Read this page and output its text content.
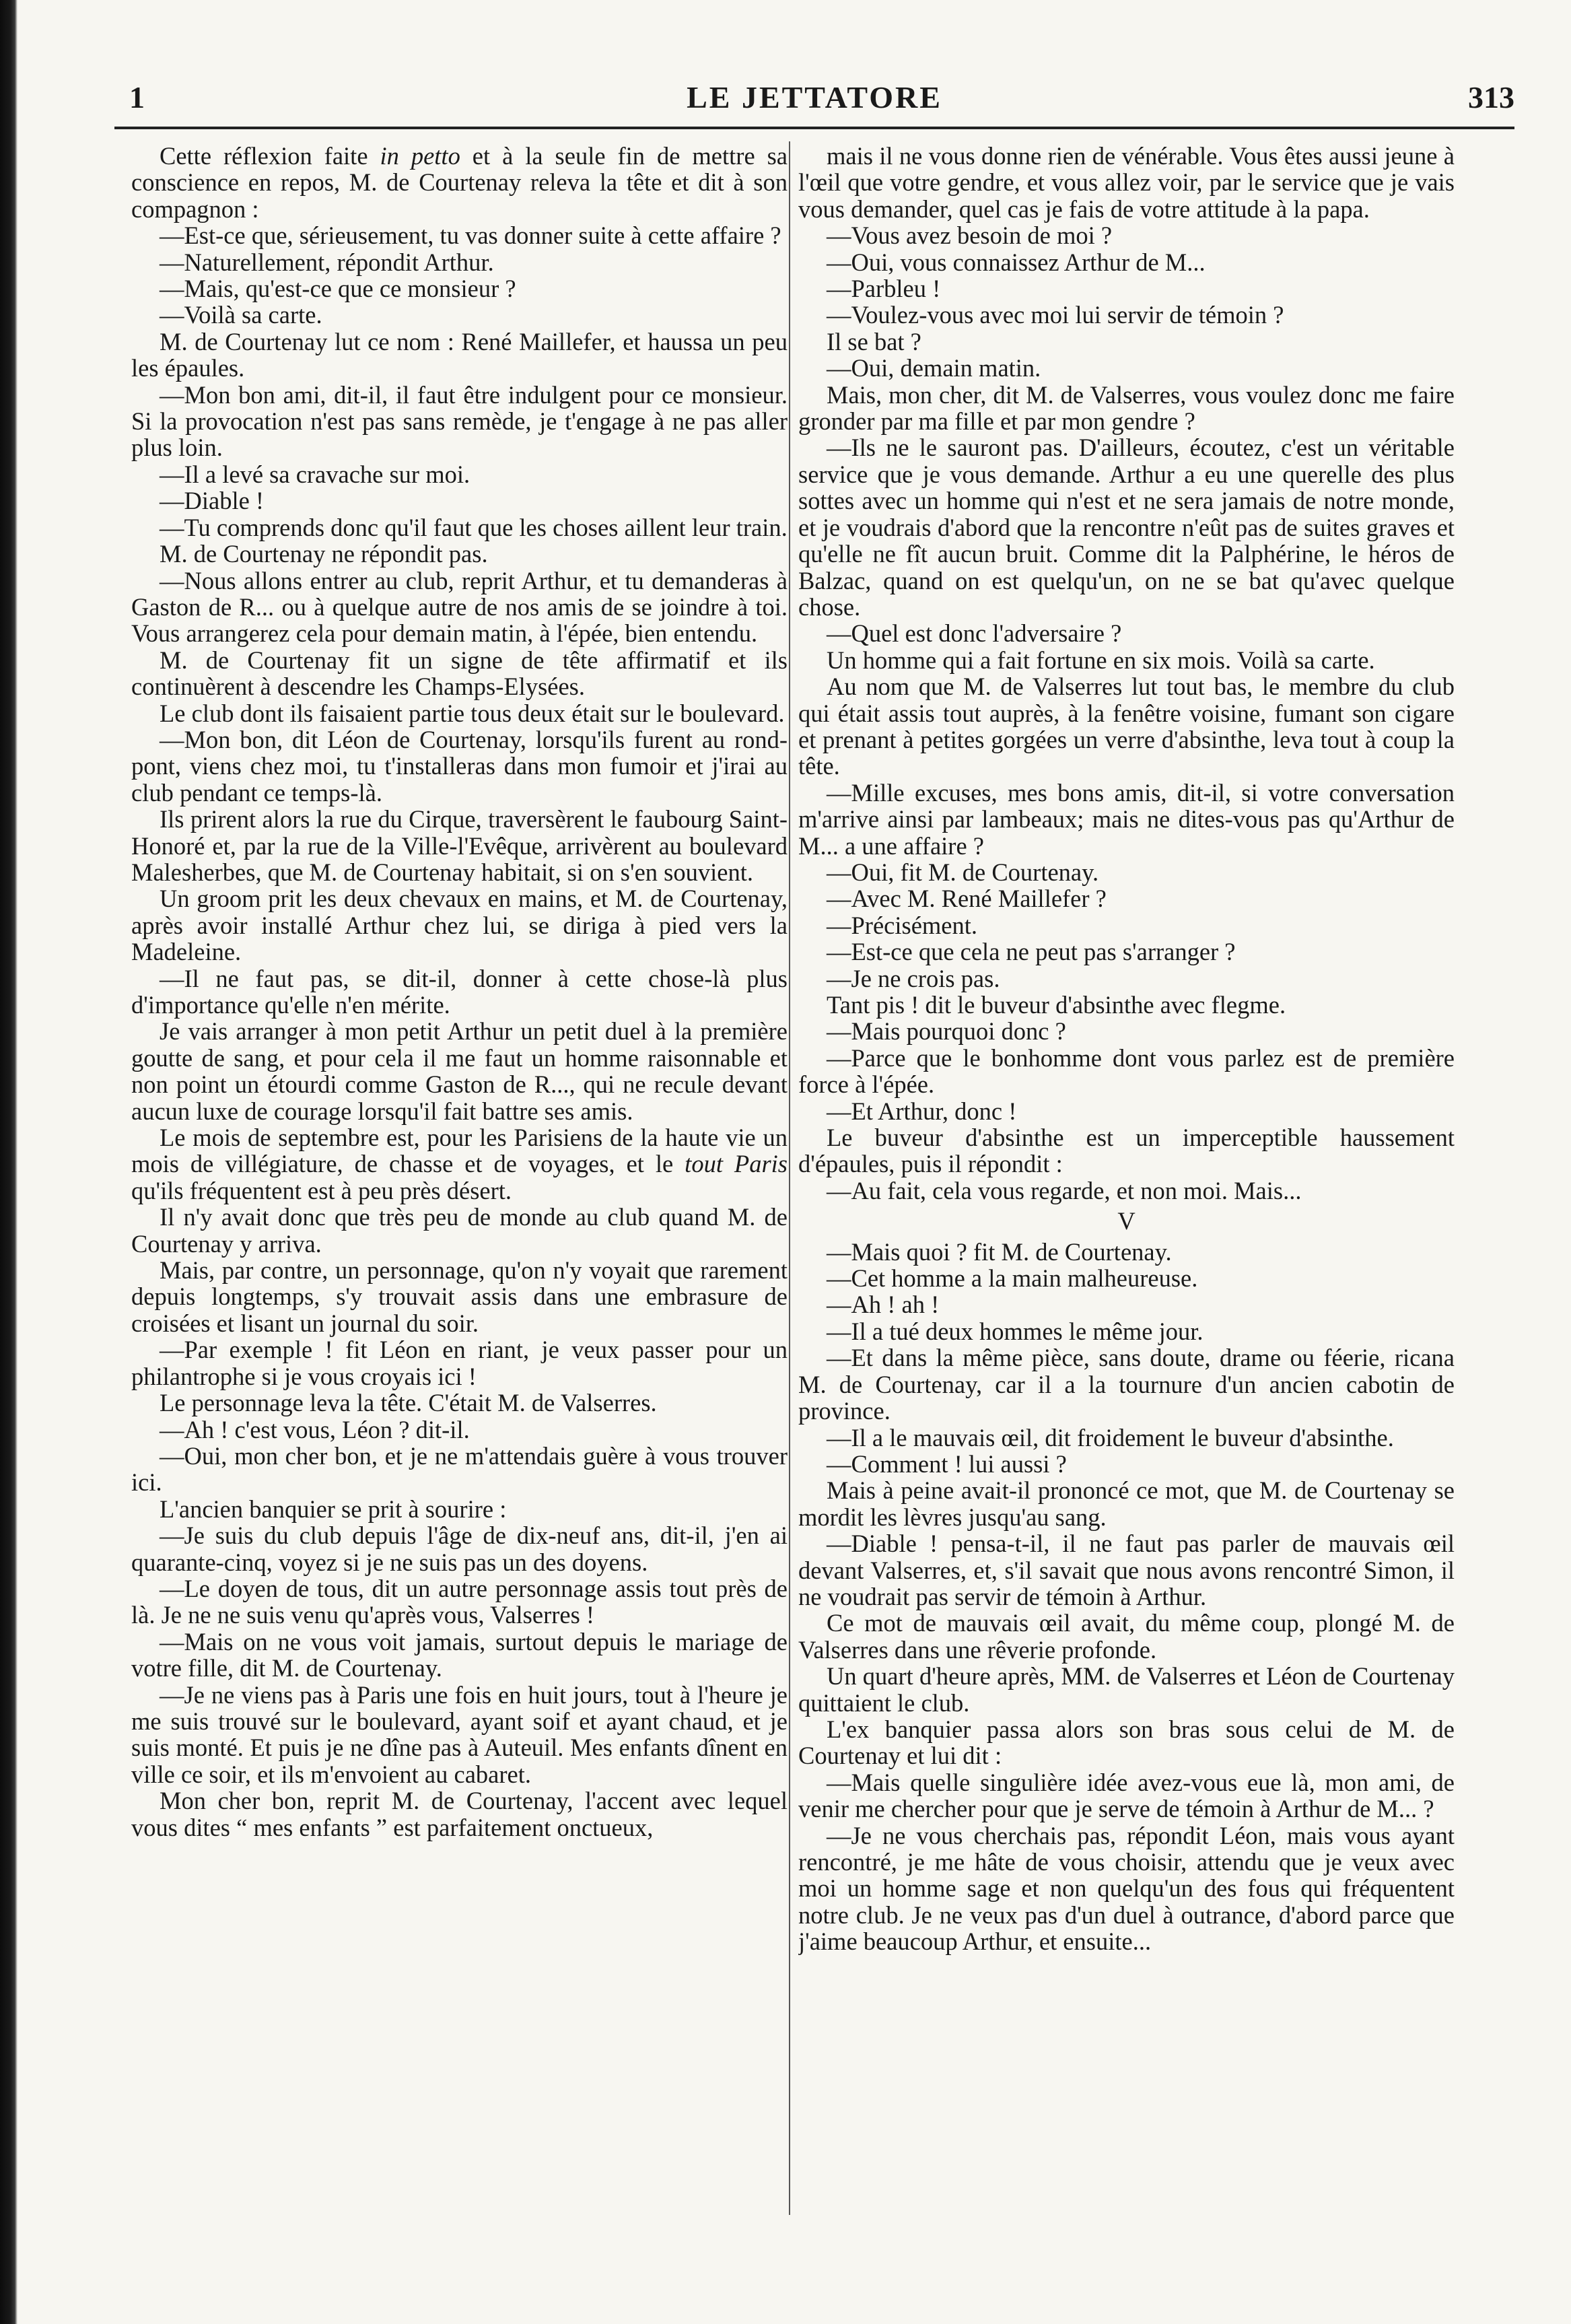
1	LE JETTATORE	313

Cette réflexion faite in petto et à la seule fin de mettre sa conscience en repos, M. de Courtenay releva la tête et dit à son compagnon :

—Est-ce que, sérieusement, tu vas donner suite à cette affaire ?

—Naturellement, répondit Arthur.

—Mais, qu'est-ce que ce monsieur ?

—Voilà sa carte.

M. de Courtenay lut ce nom : René Maillefer, et haussa un peu les épaules.

—Mon bon ami, dit-il, il faut être indulgent pour ce monsieur. Si la provocation n'est pas sans remède, je t'engage à ne pas aller plus loin.

—Il a levé sa cravache sur moi.

—Diable !

—Tu comprends donc qu'il faut que les choses aillent leur train.

M. de Courtenay ne répondit pas.

—Nous allons entrer au club, reprit Arthur, et tu demanderas à Gaston de R... ou à quelque autre de nos amis de se joindre à toi. Vous arrangerez cela pour demain matin, à l'épée, bien entendu.

M. de Courtenay fit un signe de tête affirmatif et ils continuèrent à descendre les Champs-Elysées.

Le club dont ils faisaient partie tous deux était sur le boulevard.

—Mon bon, dit Léon de Courtenay, lorsqu'ils furent au rond-pont, viens chez moi, tu t'installeras dans mon fumoir et j'irai au club pendant ce temps-là.

Ils prirent alors la rue du Cirque, traversèrent le faubourg Saint-Honoré et, par la rue de la Ville-l'Evêque, arrivèrent au boulevard Malesherbes, que M. de Courtenay habitait, si on s'en souvient.

Un groom prit les deux chevaux en mains, et M. de Courtenay, après avoir installé Arthur chez lui, se diriga à pied vers la Madeleine.

—Il ne faut pas, se dit-il, donner à cette chose-là plus d'importance qu'elle n'en mérite.

Je vais arranger à mon petit Arthur un petit duel à la première goutte de sang, et pour cela il me faut un homme raisonnable et non point un étourdi comme Gaston de R..., qui ne recule devant aucun luxe de courage lorsqu'il fait battre ses amis.

Le mois de septembre est, pour les Parisiens de la haute vie un mois de villégiature, de chasse et de voyages, et le tout Paris qu'ils fréquentent est à peu près désert.

Il n'y avait donc que très peu de monde au club quand M. de Courtenay y arriva.

Mais, par contre, un personnage, qu'on n'y voyait que rarement depuis longtemps, s'y trouvait assis dans une embrasure de croisées et lisant un journal du soir.

—Par exemple ! fit Léon en riant, je veux passer pour un philantrophe si je vous croyais ici !

Le personnage leva la tête. C'était M. de Valserres.

—Ah ! c'est vous, Léon ? dit-il.

—Oui, mon cher bon, et je ne m'attendais guère à vous trouver ici.

L'ancien banquier se prit à sourire :

—Je suis du club depuis l'âge de dix-neuf ans, dit-il, j'en ai quarante-cinq, voyez si je ne suis pas un des doyens.

—Le doyen de tous, dit un autre personnage assis tout près de là. Je ne ne suis venu qu'après vous, Valserres !

—Mais on ne vous voit jamais, surtout depuis le mariage de votre fille, dit M. de Courtenay.

—Je ne viens pas à Paris une fois en huit jours, tout à l'heure je me suis trouvé sur le boulevard, ayant soif et ayant chaud, et je suis monté. Et puis je ne dîne pas à Auteuil. Mes enfants dînent en ville ce soir, et ils m'envoient au cabaret.

Mon cher bon, reprit M. de Courtenay, l'accent avec lequel vous dites “ mes enfants ” est parfaitement onctueux,

mais il ne vous donne rien de vénérable. Vous êtes aussi jeune à l'œil que votre gendre, et vous allez voir, par le service que je vais vous demander, quel cas je fais de votre attitude à la papa.

—Vous avez besoin de moi ?

—Oui, vous connaissez Arthur de M...

—Parbleu !

—Voulez-vous avec moi lui servir de témoin ?

Il se bat ?

—Oui, demain matin.

Mais, mon cher, dit M. de Valserres, vous voulez donc me faire gronder par ma fille et par mon gendre ?

—Ils ne le sauront pas. D'ailleurs, écoutez, c'est un véritable service que je vous demande. Arthur a eu une querelle des plus sottes avec un homme qui n'est et ne sera jamais de notre monde, et je voudrais d'abord que la rencontre n'eût pas de suites graves et qu'elle ne fît aucun bruit. Comme dit la Palphérine, le héros de Balzac, quand on est quelqu'un, on ne se bat qu'avec quelque chose.

—Quel est donc l'adversaire ?

Un homme qui a fait fortune en six mois. Voilà sa carte.

Au nom que M. de Valserres lut tout bas, le membre du club qui était assis tout auprès, à la fenêtre voisine, fumant son cigare et prenant à petites gorgées un verre d'absinthe, leva tout à coup la tête.

—Mille excuses, mes bons amis, dit-il, si votre conversation m'arrive ainsi par lambeaux; mais ne dites-vous pas qu'Arthur de M... a une affaire ?

—Oui, fit M. de Courtenay.

—Avec M. René Maillefer ?

—Précisément.

—Est-ce que cela ne peut pas s'arranger ?

—Je ne crois pas.

Tant pis ! dit le buveur d'absinthe avec flegme.

—Mais pourquoi donc ?

—Parce que le bonhomme dont vous parlez est de première force à l'épée.

—Et Arthur, donc !

Le buveur d'absinthe est un imperceptible haussement d'épaules, puis il répondit :

—Au fait, cela vous regarde, et non moi. Mais...

V

—Mais quoi ? fit M. de Courtenay.

—Cet homme a la main malheureuse.

—Ah ! ah !

—Il a tué deux hommes le même jour.

—Et dans la même pièce, sans doute, drame ou féerie, ricana M. de Courtenay, car il a la tournure d'un ancien cabotin de province.

—Il a le mauvais œil, dit froidement le buveur d'absinthe.

—Comment ! lui aussi ?

Mais à peine avait-il prononcé ce mot, que M. de Courtenay se mordit les lèvres jusqu'au sang.

—Diable ! pensa-t-il, il ne faut pas parler de mauvais œil devant Valserres, et, s'il savait que nous avons rencontré Simon, il ne voudrait pas servir de témoin à Arthur.

Ce mot de mauvais œil avait, du même coup, plongé M. de Valserres dans une rêverie profonde.

Un quart d'heure après, MM. de Valserres et Léon de Courtenay quittaient le club.

L'ex banquier passa alors son bras sous celui de M. de Courtenay et lui dit :

—Mais quelle singulière idée avez-vous eue là, mon ami, de venir me chercher pour que je serve de témoin à Arthur de M... ?

—Je ne vous cherchais pas, répondit Léon, mais vous ayant rencontré, je me hâte de vous choisir, attendu que je veux avec moi un homme sage et non quelqu'un des fous qui fréquentent notre club. Je ne veux pas d'un duel à outrance, d'abord parce que j'aime beaucoup Arthur, et ensuite...
